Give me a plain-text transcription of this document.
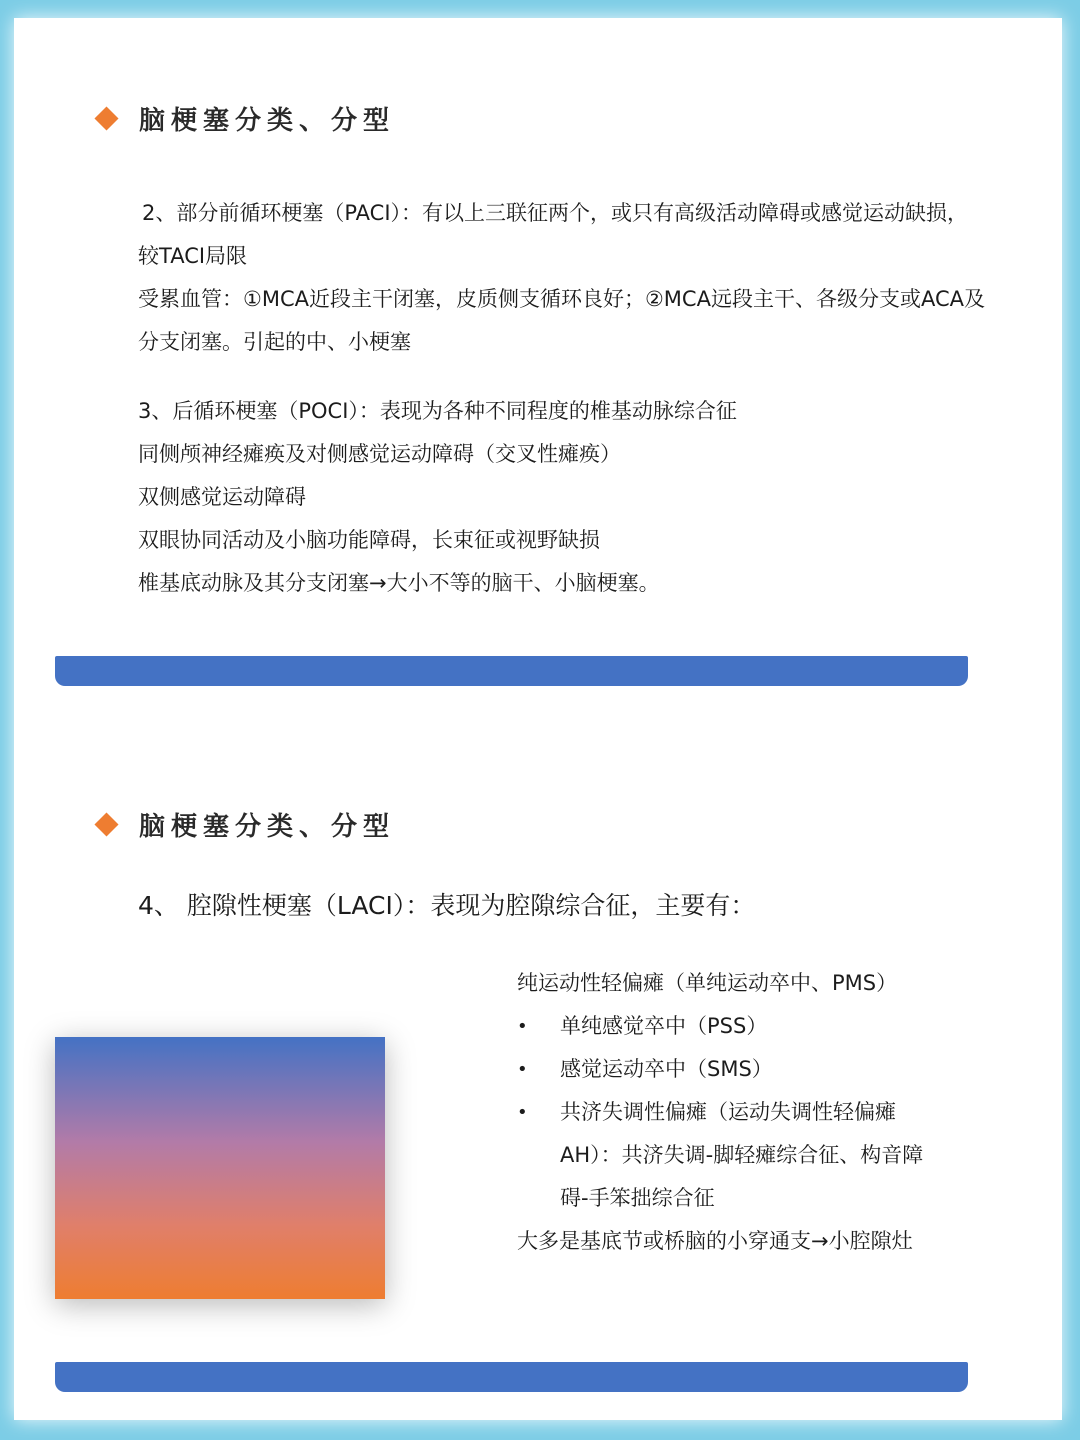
脑梗塞分类、分型
2、部分前循环梗塞（PACI）：有以上三联征两个，或只有高级活动障碍或感觉运动缺损，
较TACI局限
受累血管：①MCA近段主干闭塞，皮质侧支循环良好；②MCA远段主干、各级分支或ACA及
分支闭塞。引起的中、小梗塞
3、后循环梗塞（POCI）：表现为各种不同程度的椎基动脉综合征
同侧颅神经瘫痪及对侧感觉运动障碍（交叉性瘫痪）
双侧感觉运动障碍
双眼协同活动及小脑功能障碍，长束征或视野缺损
椎基底动脉及其分支闭塞→大小不等的脑干、小脑梗塞。
脑梗塞分类、分型
4、 腔隙性梗塞（LACI）：表现为腔隙综合征，主要有：
纯运动性轻偏瘫（单纯运动卒中、PMS）
• 单纯感觉卒中（PSS）
• 感觉运动卒中（SMS）
• 共济失调性偏瘫（运动失调性轻偏瘫
AH）：共济失调-脚轻瘫综合征、构音障
碍-手笨拙综合征
大多是基底节或桥脑的小穿通支→小腔隙灶
